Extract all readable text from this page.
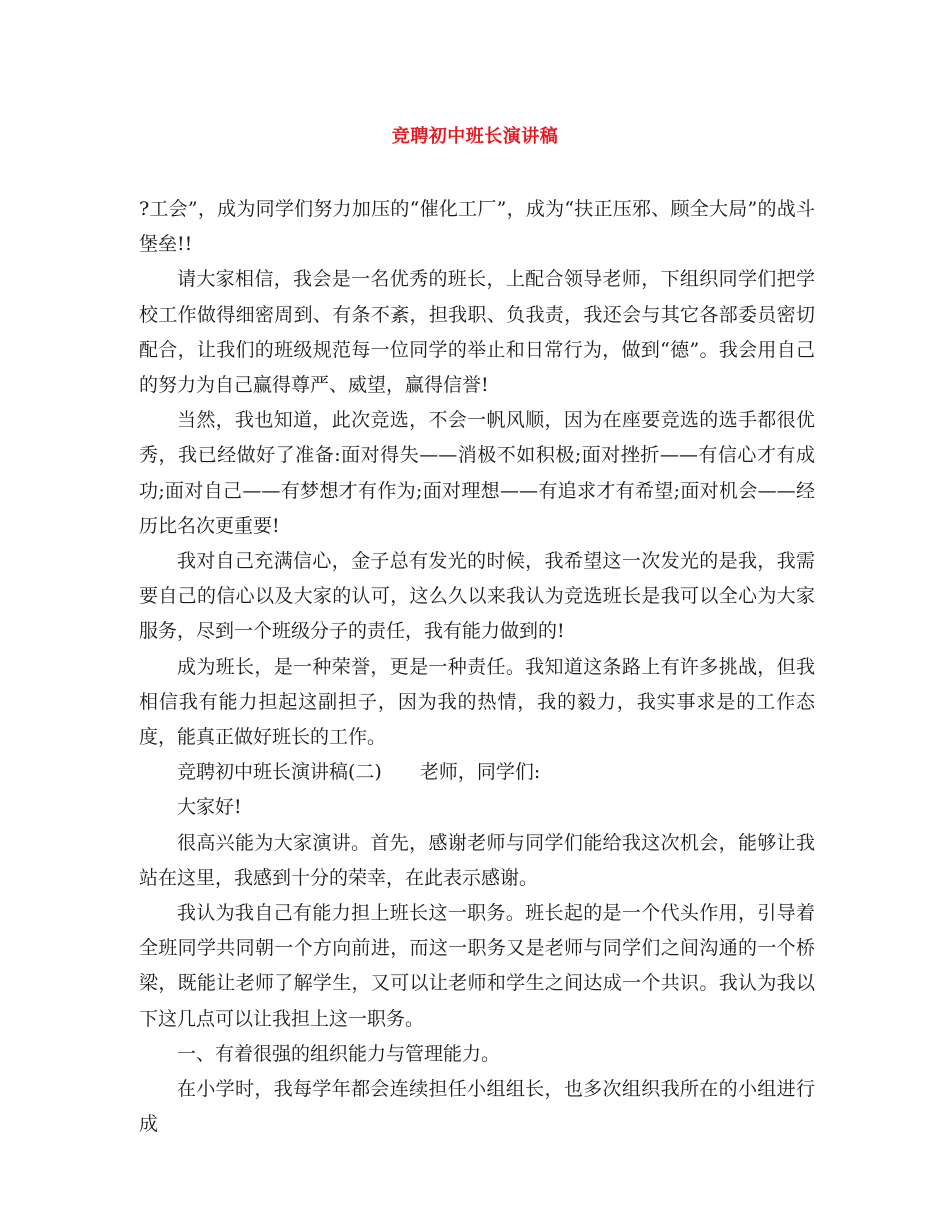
竞聘初中班长演讲稿

?工会”，成为同学们努力加压的“催化工厂”，成为“扶正压邪、顾全大局”的战斗堡垒!!

请大家相信，我会是一名优秀的班长，上配合领导老师，下组织同学们把学校工作做得细密周到、有条不紊，担我职、负我责，我还会与其它各部委员密切配合，让我们的班级规范每一位同学的举止和日常行为，做到“德”。我会用自己的努力为自己赢得尊严、威望，赢得信誉!

当然，我也知道，此次竞选，不会一帆风顺，因为在座要竞选的选手都很优秀，我已经做好了准备:面对得失——消极不如积极;面对挫折——有信心才有成功;面对自己——有梦想才有作为;面对理想——有追求才有希望;面对机会——经历比名次更重要!

我对自己充满信心，金子总有发光的时候，我希望这一次发光的是我，我需要自己的信心以及大家的认可，这么久以来我认为竞选班长是我可以全心为大家服务，尽到一个班级分子的责任，我有能力做到的!

成为班长，是一种荣誉，更是一种责任。我知道这条路上有许多挑战，但我相信我有能力担起这副担子，因为我的热情，我的毅力，我实事求是的工作态度，能真正做好班长的工作。

竞聘初中班长演讲稿(二) 老师，同学们:

大家好!

很高兴能为大家演讲。首先，感谢老师与同学们能给我这次机会，能够让我站在这里，我感到十分的荣幸，在此表示感谢。

我认为我自己有能力担上班长这一职务。班长起的是一个代头作用，引导着全班同学共同朝一个方向前进，而这一职务又是老师与同学们之间沟通的一个桥梁，既能让老师了解学生，又可以让老师和学生之间达成一个共识。我认为我以下这几点可以让我担上这一职务。

一、有着很强的组织能力与管理能力。

在小学时，我每学年都会连续担任小组组长，也多次组织我所在的小组进行成
